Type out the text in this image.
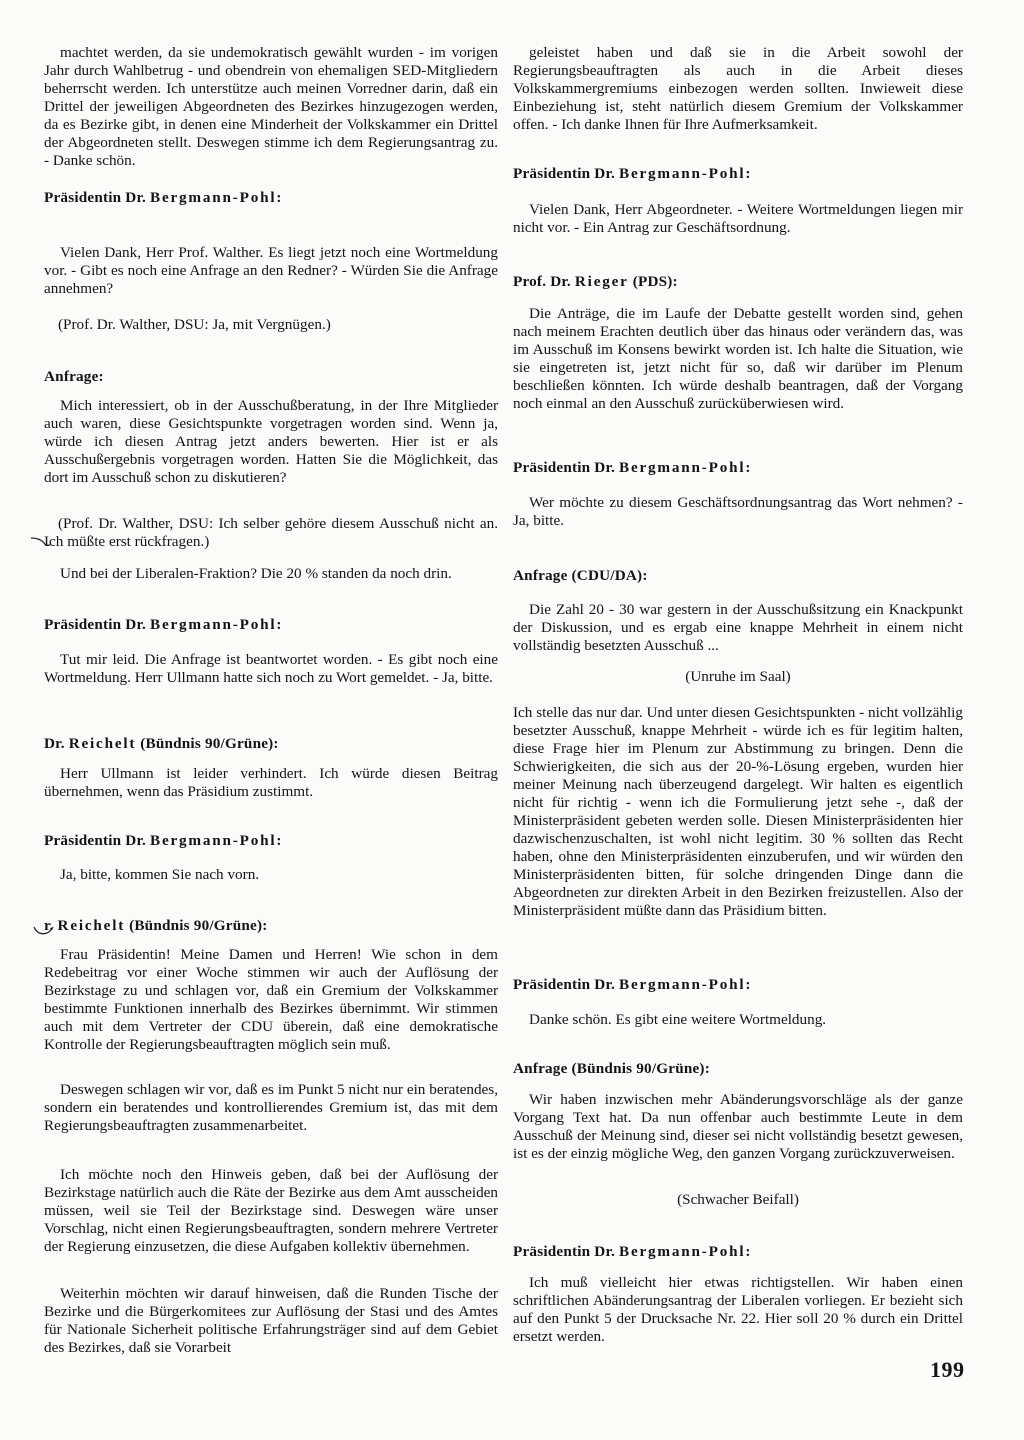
machtet werden, da sie undemokratisch gewählt wurden - im vorigen Jahr durch Wahlbetrug - und obendrein von ehemaligen SED-Mitgliedern beherrscht werden. Ich unterstütze auch meinen Vorredner darin, daß ein Drittel der jeweiligen Abgeordneten des Bezirkes hinzugezogen werden, da es Bezirke gibt, in denen eine Minderheit der Volkskammer ein Drittel der Abgeordneten stellt. Deswegen stimme ich dem Regierungsantrag zu. - Danke schön.
Präsidentin Dr. Bergmann-Pohl:
Vielen Dank, Herr Prof. Walther. Es liegt jetzt noch eine Wortmeldung vor. - Gibt es noch eine Anfrage an den Redner? - Würden Sie die Anfrage annehmen?
(Prof. Dr. Walther, DSU: Ja, mit Vergnügen.)
Anfrage:
Mich interessiert, ob in der Ausschußberatung, in der Ihre Mitglieder auch waren, diese Gesichtspunkte vorgetragen worden sind. Wenn ja, würde ich diesen Antrag jetzt anders bewerten. Hier ist er als Ausschußergebnis vorgetragen worden. Hatten Sie die Möglichkeit, das dort im Ausschuß schon zu diskutieren?
(Prof. Dr. Walther, DSU: Ich selber gehöre diesem Ausschuß nicht an. Ich müßte erst rückfragen.)
Und bei der Liberalen-Fraktion? Die 20 % standen da noch drin.
Präsidentin Dr. Bergmann-Pohl:
Tut mir leid. Die Anfrage ist beantwortet worden. - Es gibt noch eine Wortmeldung. Herr Ullmann hatte sich noch zu Wort gemeldet. - Ja, bitte.
Dr. Reichelt (Bündnis 90/Grüne):
Herr Ullmann ist leider verhindert. Ich würde diesen Beitrag übernehmen, wenn das Präsidium zustimmt.
Präsidentin Dr. Bergmann-Pohl:
Ja, bitte, kommen Sie nach vorn.
r. Reichelt (Bündnis 90/Grüne):
Frau Präsidentin! Meine Damen und Herren! Wie schon in dem Redebeitrag vor einer Woche stimmen wir auch der Auflösung der Bezirkstage zu und schlagen vor, daß ein Gremium der Volkskammer bestimmte Funktionen innerhalb des Bezirkes übernimmt. Wir stimmen auch mit dem Vertreter der CDU überein, daß eine demokratische Kontrolle der Regierungsbeauftragten möglich sein muß.
Deswegen schlagen wir vor, daß es im Punkt 5 nicht nur ein beratendes, sondern ein beratendes und kontrollierendes Gremium ist, das mit dem Regierungsbeauftragten zusammenarbeitet.
Ich möchte noch den Hinweis geben, daß bei der Auflösung der Bezirkstage natürlich auch die Räte der Bezirke aus dem Amt ausscheiden müssen, weil sie Teil der Bezirkstage sind. Deswegen wäre unser Vorschlag, nicht einen Regierungsbeauftragten, sondern mehrere Vertreter der Regierung einzusetzen, die diese Aufgaben kollektiv übernehmen.
Weiterhin möchten wir darauf hinweisen, daß die Runden Tische der Bezirke und die Bürgerkomitees zur Auflösung der Stasi und des Amtes für Nationale Sicherheit politische Erfahrungsträger sind auf dem Gebiet des Bezirkes, daß sie Vorarbeit
geleistet haben und daß sie in die Arbeit sowohl der Regierungsbeauftragten als auch in die Arbeit dieses Volkskammergremiums einbezogen werden sollten. Inwieweit diese Einbeziehung ist, steht natürlich diesem Gremium der Volkskammer offen. - Ich danke Ihnen für Ihre Aufmerksamkeit.
Präsidentin Dr. Bergmann-Pohl:
Vielen Dank, Herr Abgeordneter. - Weitere Wortmeldungen liegen mir nicht vor. - Ein Antrag zur Geschäftsordnung.
Prof. Dr. Rieger (PDS):
Die Anträge, die im Laufe der Debatte gestellt worden sind, gehen nach meinem Erachten deutlich über das hinaus oder verändern das, was im Ausschuß im Konsens bewirkt worden ist. Ich halte die Situation, wie sie eingetreten ist, jetzt nicht für so, daß wir darüber im Plenum beschließen könnten. Ich würde deshalb beantragen, daß der Vorgang noch einmal an den Ausschuß zurücküberwiesen wird.
Präsidentin Dr. Bergmann-Pohl:
Wer möchte zu diesem Geschäftsordnungsantrag das Wort nehmen? - Ja, bitte.
Anfrage (CDU/DA):
Die Zahl 20 - 30 war gestern in der Ausschußsitzung ein Knackpunkt der Diskussion, und es ergab eine knappe Mehrheit in einem nicht vollständig besetzten Ausschuß ...
(Unruhe im Saal)
Ich stelle das nur dar. Und unter diesen Gesichtspunkten - nicht vollzählig besetzter Ausschuß, knappe Mehrheit - würde ich es für legitim halten, diese Frage hier im Plenum zur Abstimmung zu bringen. Denn die Schwierigkeiten, die sich aus der 20-%-Lösung ergeben, wurden hier meiner Meinung nach überzeugend dargelegt. Wir halten es eigentlich nicht für richtig - wenn ich die Formulierung jetzt sehe -, daß der Ministerpräsident gebeten werden solle. Diesen Ministerpräsidenten hier dazwischenzuschalten, ist wohl nicht legitim. 30 % sollten das Recht haben, ohne den Ministerpräsidenten einzuberufen, und wir würden den Ministerpräsidenten bitten, für solche dringenden Dinge dann die Abgeordneten zur direkten Arbeit in den Bezirken freizustellen. Also der Ministerpräsident müßte dann das Präsidium bitten.
Präsidentin Dr. Bergmann-Pohl:
Danke schön. Es gibt eine weitere Wortmeldung.
Anfrage (Bündnis 90/Grüne):
Wir haben inzwischen mehr Abänderungsvorschläge als der ganze Vorgang Text hat. Da nun offenbar auch bestimmte Leute in dem Ausschuß der Meinung sind, dieser sei nicht vollständig besetzt gewesen, ist es der einzig mögliche Weg, den ganzen Vorgang zurückzuverweisen.
(Schwacher Beifall)
Präsidentin Dr. Bergmann-Pohl:
Ich muß vielleicht hier etwas richtigstellen. Wir haben einen schriftlichen Abänderungsantrag der Liberalen vorliegen. Er bezieht sich auf den Punkt 5 der Drucksache Nr. 22. Hier soll 20 % durch ein Drittel ersetzt werden.
199
